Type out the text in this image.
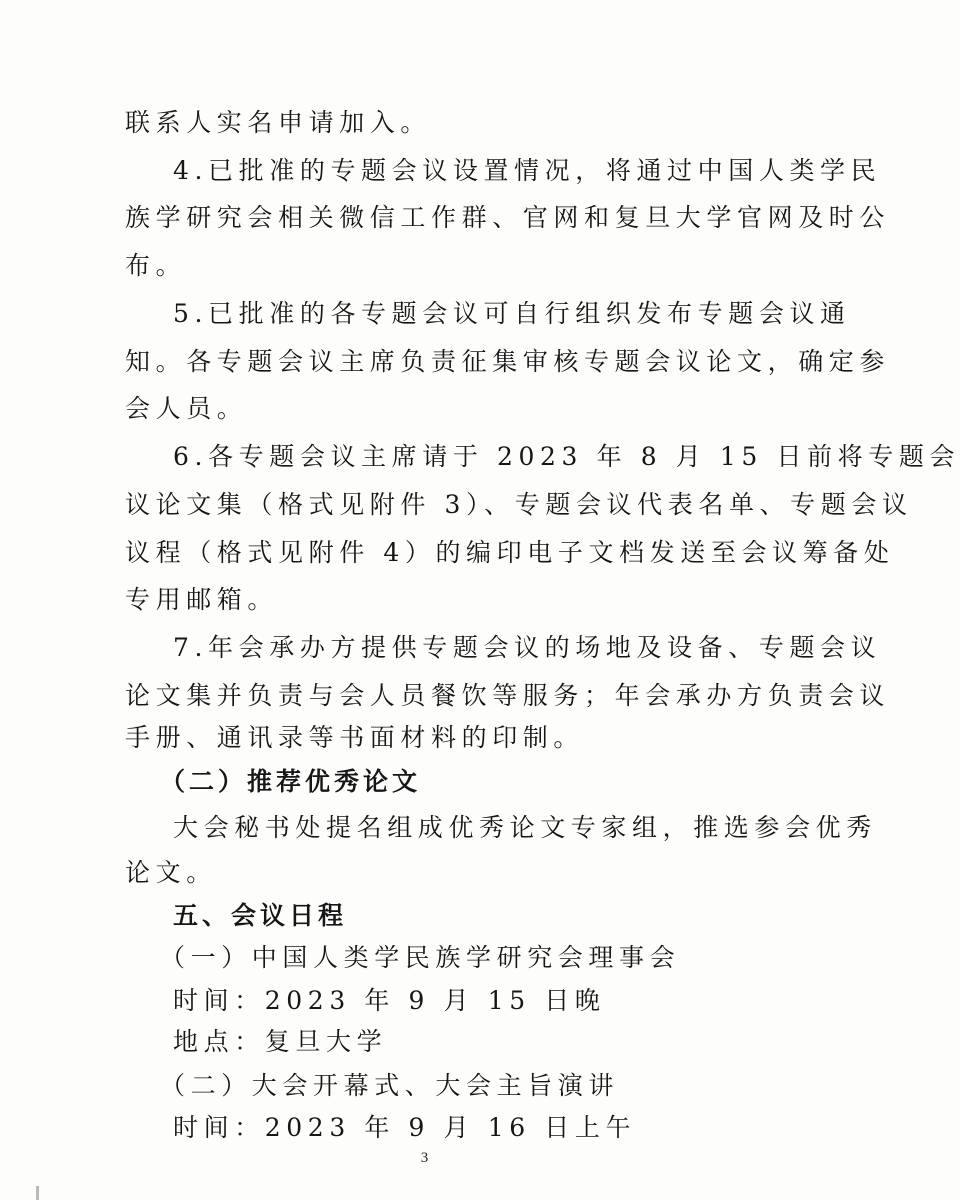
联系人实名申请加入。
4.已批准的专题会议设置情况，将通过中国人类学民
族学研究会相关微信工作群、官网和复旦大学官网及时公
布。
5.已批准的各专题会议可自行组织发布专题会议通
知。各专题会议主席负责征集审核专题会议论文，确定参
会人员。
6.各专题会议主席请于 2023 年 8 月 15 日前将专题会
议论文集（格式见附件 3）、专题会议代表名单、专题会议
议程（格式见附件 4）的编印电子文档发送至会议筹备处
专用邮箱。
7.年会承办方提供专题会议的场地及设备、专题会议
论文集并负责与会人员餐饮等服务；年会承办方负责会议
手册、通讯录等书面材料的印制。
（二）推荐优秀论文
大会秘书处提名组成优秀论文专家组，推选参会优秀
论文。
五、会议日程
（一）中国人类学民族学研究会理事会
时间：2023 年 9 月 15 日晚
地点：复旦大学
（二）大会开幕式、大会主旨演讲
时间：2023 年 9 月 16 日上午
3
